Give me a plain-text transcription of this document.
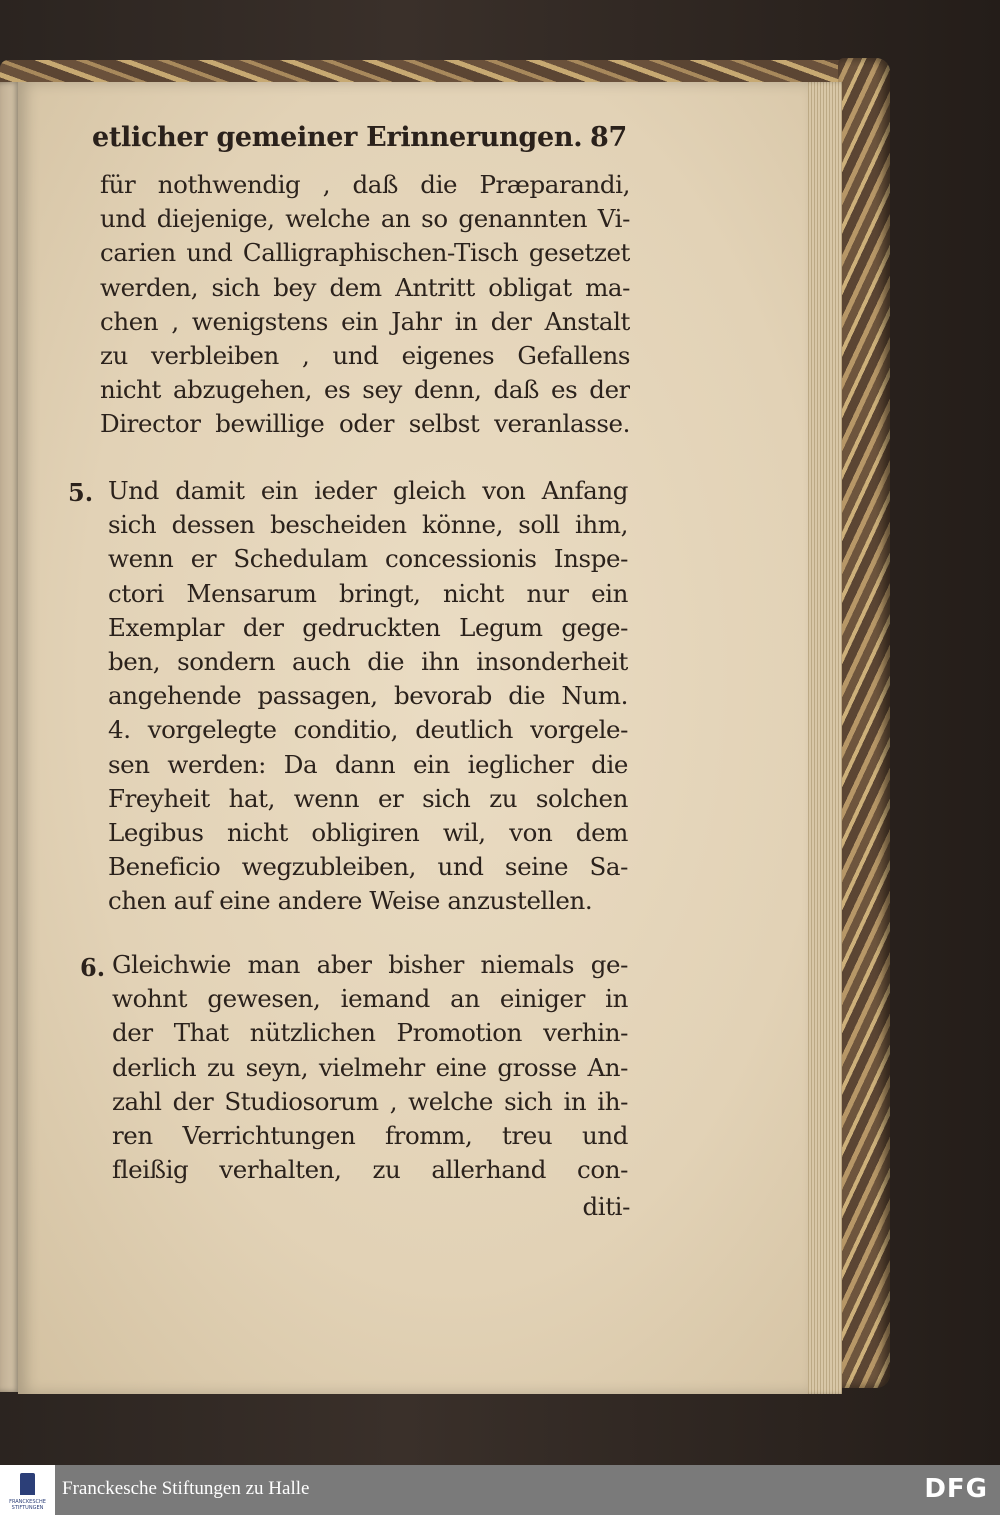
etlicher gemeiner Erinnerungen. 87
für nothwendig , daß die Præparandi,
und diejenige, welche an so genannten Vi-
carien und Calligraphischen-Tisch gesetzet
werden, sich bey dem Antritt obligat ma-
chen , wenigstens ein Jahr in der Anstalt
zu verbleiben , und eigenes Gefallens
nicht abzugehen, es sey denn, daß es der
Director bewillige oder selbst veranlasse.
5. Und damit ein ieder gleich von Anfang
sich dessen bescheiden könne, soll ihm,
wenn er Schedulam concessionis Inspe-
ctori Mensarum bringt, nicht nur ein
Exemplar der gedruckten Legum gege-
ben, sondern auch die ihn insonderheit
angehende passagen, bevorab die Num.
4. vorgelegte conditio, deutlich vorgele-
sen werden: Da dann ein ieglicher die
Freyheit hat, wenn er sich zu solchen
Legibus nicht obligiren wil, von dem
Beneficio wegzubleiben, und seine Sa-
chen auf eine andere Weise anzustellen.
6. Gleichwie man aber bisher niemals ge-
wohnt gewesen, iemand an einiger in
der That nützlichen Promotion verhin-
derlich zu seyn, vielmehr eine grosse An-
zahl der Studiosorum , welche sich in ih-
ren Verrichtungen fromm, treu und
fleißig verhalten, zu allerhand con-
diti-
FRANCKESCHE STIFTUNGEN
Franckesche Stiftungen zu Halle	DFG
